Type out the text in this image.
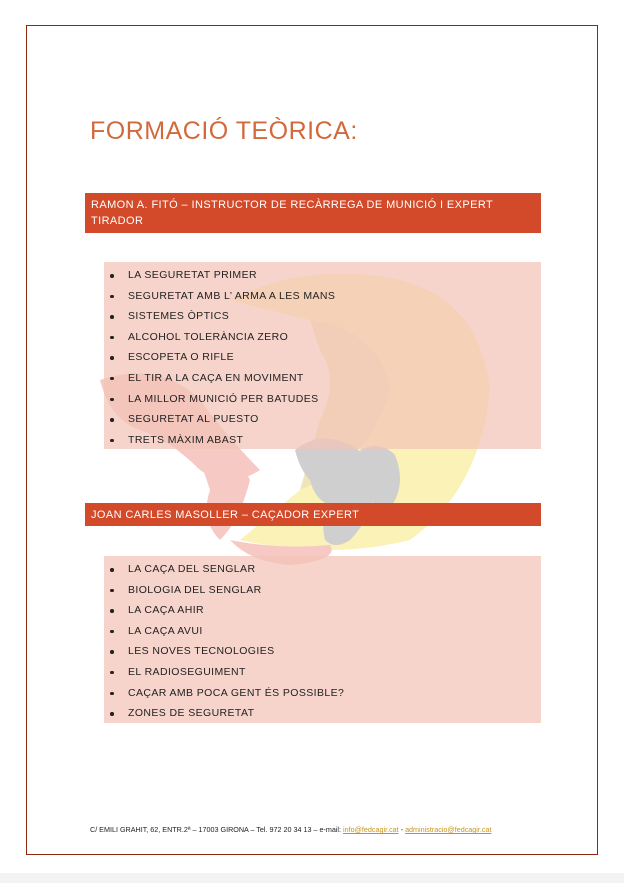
FORMACIÓ TEÒRICA:
RAMON A. FITÓ – INSTRUCTOR DE RECÀRREGA DE MUNICIÓ I EXPERT TIRADOR
LA SEGURETAT PRIMER
SEGURETAT AMB L’ ARMA A LES MANS
SISTEMES ÒPTICS
ALCOHOL TOLERÀNCIA ZERO
ESCOPETA O RIFLE
EL TIR A LA CAÇA EN MOVIMENT
LA MILLOR MUNICIÓ PER BATUDES
SEGURETAT AL PUESTO
TRETS MÀXIM ABAST
JOAN CARLES MASOLLER – CAÇADOR EXPERT
LA CAÇA DEL SENGLAR
BIOLOGIA DEL SENGLAR
LA CAÇA AHIR
LA CAÇA AVUI
LES NOVES TECNOLOGIES
EL RADIOSEGUIMENT
CAÇAR AMB POCA GENT ÉS POSSIBLE?
ZONES DE SEGURETAT
C/ EMILI GRAHIT, 62, ENTR.2ª – 17003 GIRONA – Tel. 972 20 34 13 – e-mail: info@fedcagir.cat - administracio@fedcagir.cat
